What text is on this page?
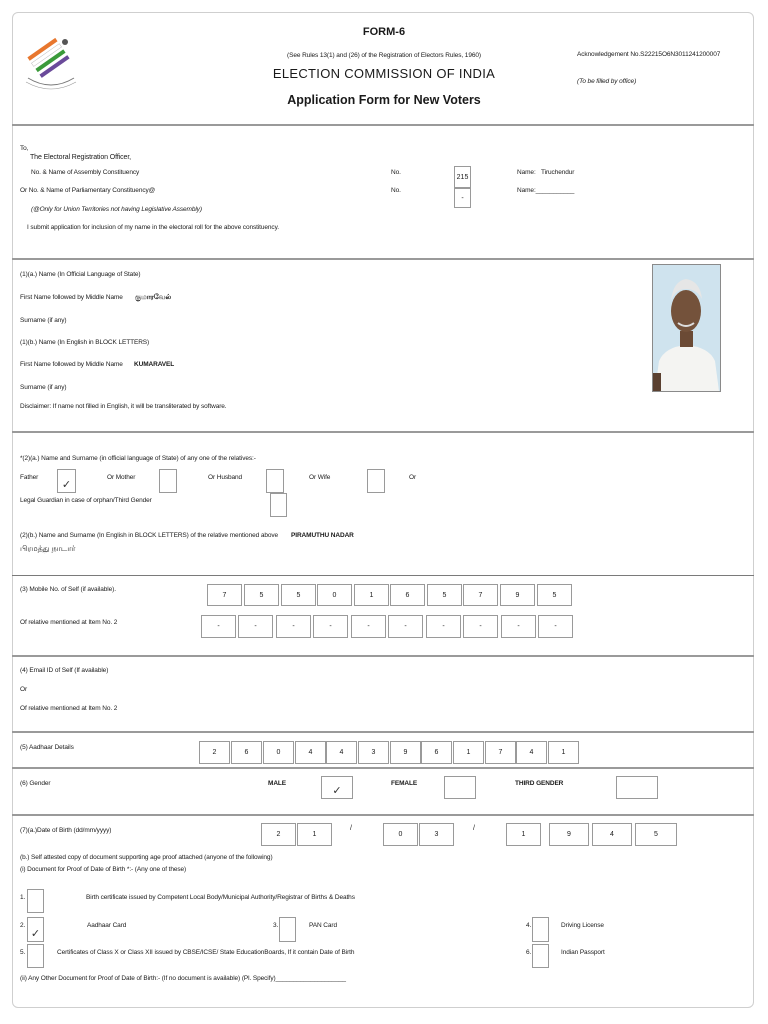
FORM-6
(See Rules 13(1) and (26) of the Registration of Electors Rules, 1960)
ELECTION COMMISSION OF INDIA
Application Form for New Voters
Acknowledgement No.S22215O6N3011241200007
(To be filled by office)
To,
The Electoral Registration Officer,
No. & Name of Assembly Constituency
Or No. & Name of Parliamentary Constituency@
(@Only for Union Territories not having Legislative Assembly)
I submit application for inclusion of my name in the electoral roll for the above constituency.
No.
No.
215
-
Name: Tiruchendur
Name:___________
(1)(a.) Name (In Official Language of State)
First Name followed by Middle Name குமாரவேல்
Surname (if any)
(1)(b.) Name (In English in BLOCK LETTERS)
First Name followed by Middle Name KUMARAVEL
Surname (if any)
Disclaimer: If name not filled in English, it will be transliterated by software.
*(2)(a.) Name and Surname (in official language of State) of any one of the relatives:-
Father
✓
Or Mother	Or Husband	Or Wife	Or
Legal Guardian in case of orphan/Third Gender
(2)(b.) Name and Surname (In English in BLOCK LETTERS) of the relative mentioned above PIRAMUTHU NADAR
பிரமத்து நாடார்
(3) Mobile No. of Self (if available).
7	5	5	0	1	6	5	7	9	5
Of relative mentioned at Item No. 2
-	-	-	-	-	-	-	-	-	-
(4) Email ID of Self (If available)
Or
Of relative mentioned at Item No. 2
(5) Aadhaar Details
2	6	0	4	4	3	9	6	1	7	4	1
(6) Gender	MALE
✓
FEMALE	THIRD GENDER
(7)(a.)Date of Birth (dd/mm/yyyy)
2	1
/
0	3
/
1	9	4	5
(b.) Self attested copy of document supporting age proof attached (anyone of the following)
(i) Document for Proof of Date of Birth *:- (Any one of these)
1.	Birth certificate issued by Competent Local Body/Municipal Authority/Registrar of Births & Deaths
2.
✓
Aadhaar Card	3.	PAN Card	4.	Driving License
5.	Certificates of Class X or Class XII issued by CBSE/ICSE/ State EducationBoards, If it contain Date of Birth	6.	Indian Passport
(ii) Any Other Document for Proof of Date of Birth:- (If no document is available) (Pl. Specify)____________________
